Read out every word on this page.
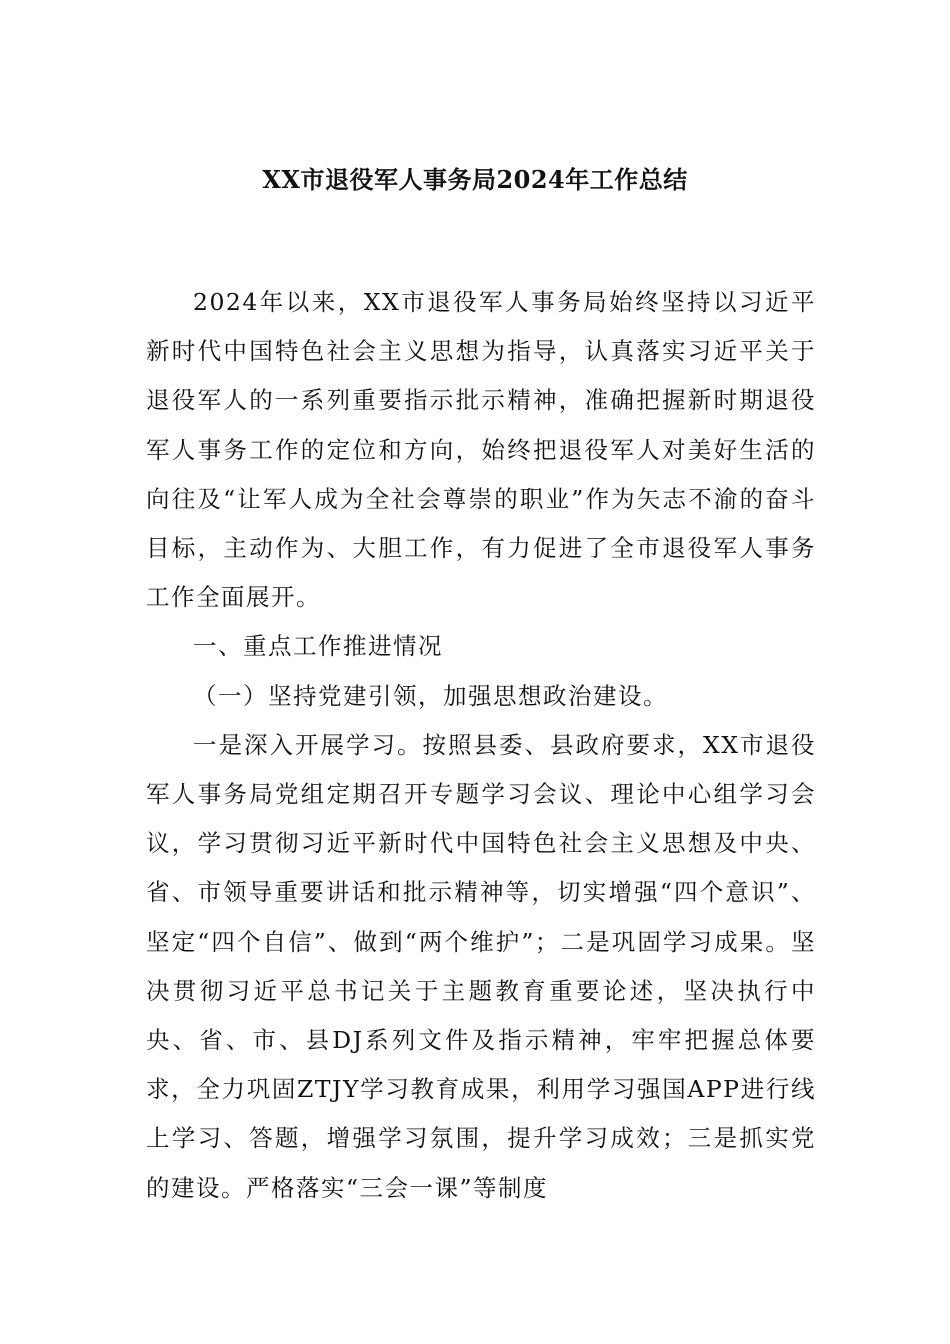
XX市退役军人事务局2024年工作总结

2024年以来，XX市退役军人事务局始终坚持以习近平新时代中国特色社会主义思想为指导，认真落实习近平关于退役军人的一系列重要指示批示精神，准确把握新时期退役军人事务工作的定位和方向，始终把退役军人对美好生活的向往及“让军人成为全社会尊崇的职业”作为矢志不渝的奋斗目标，主动作为、大胆工作，有力促进了全市退役军人事务工作全面展开。

一、重点工作推进情况

（一）坚持党建引领，加强思想政治建设。

一是深入开展学习。按照县委、县政府要求，XX市退役军人事务局党组定期召开专题学习会议、理论中心组学习会议，学习贯彻习近平新时代中国特色社会主义思想及中央、省、市领导重要讲话和批示精神等，切实增强“四个意识”、坚定“四个自信”、做到“两个维护”；二是巩固学习成果。坚决贯彻习近平总书记关于主题教育重要论述，坚决执行中央、省、市、县DJ系列文件及指示精神，牢牢把握总体要求，全力巩固ZTJY学习教育成果，利用学习强国APP进行线上学习、答题，增强学习氛围，提升学习成效；三是抓实党的建设。严格落实“三会一课”等制度
